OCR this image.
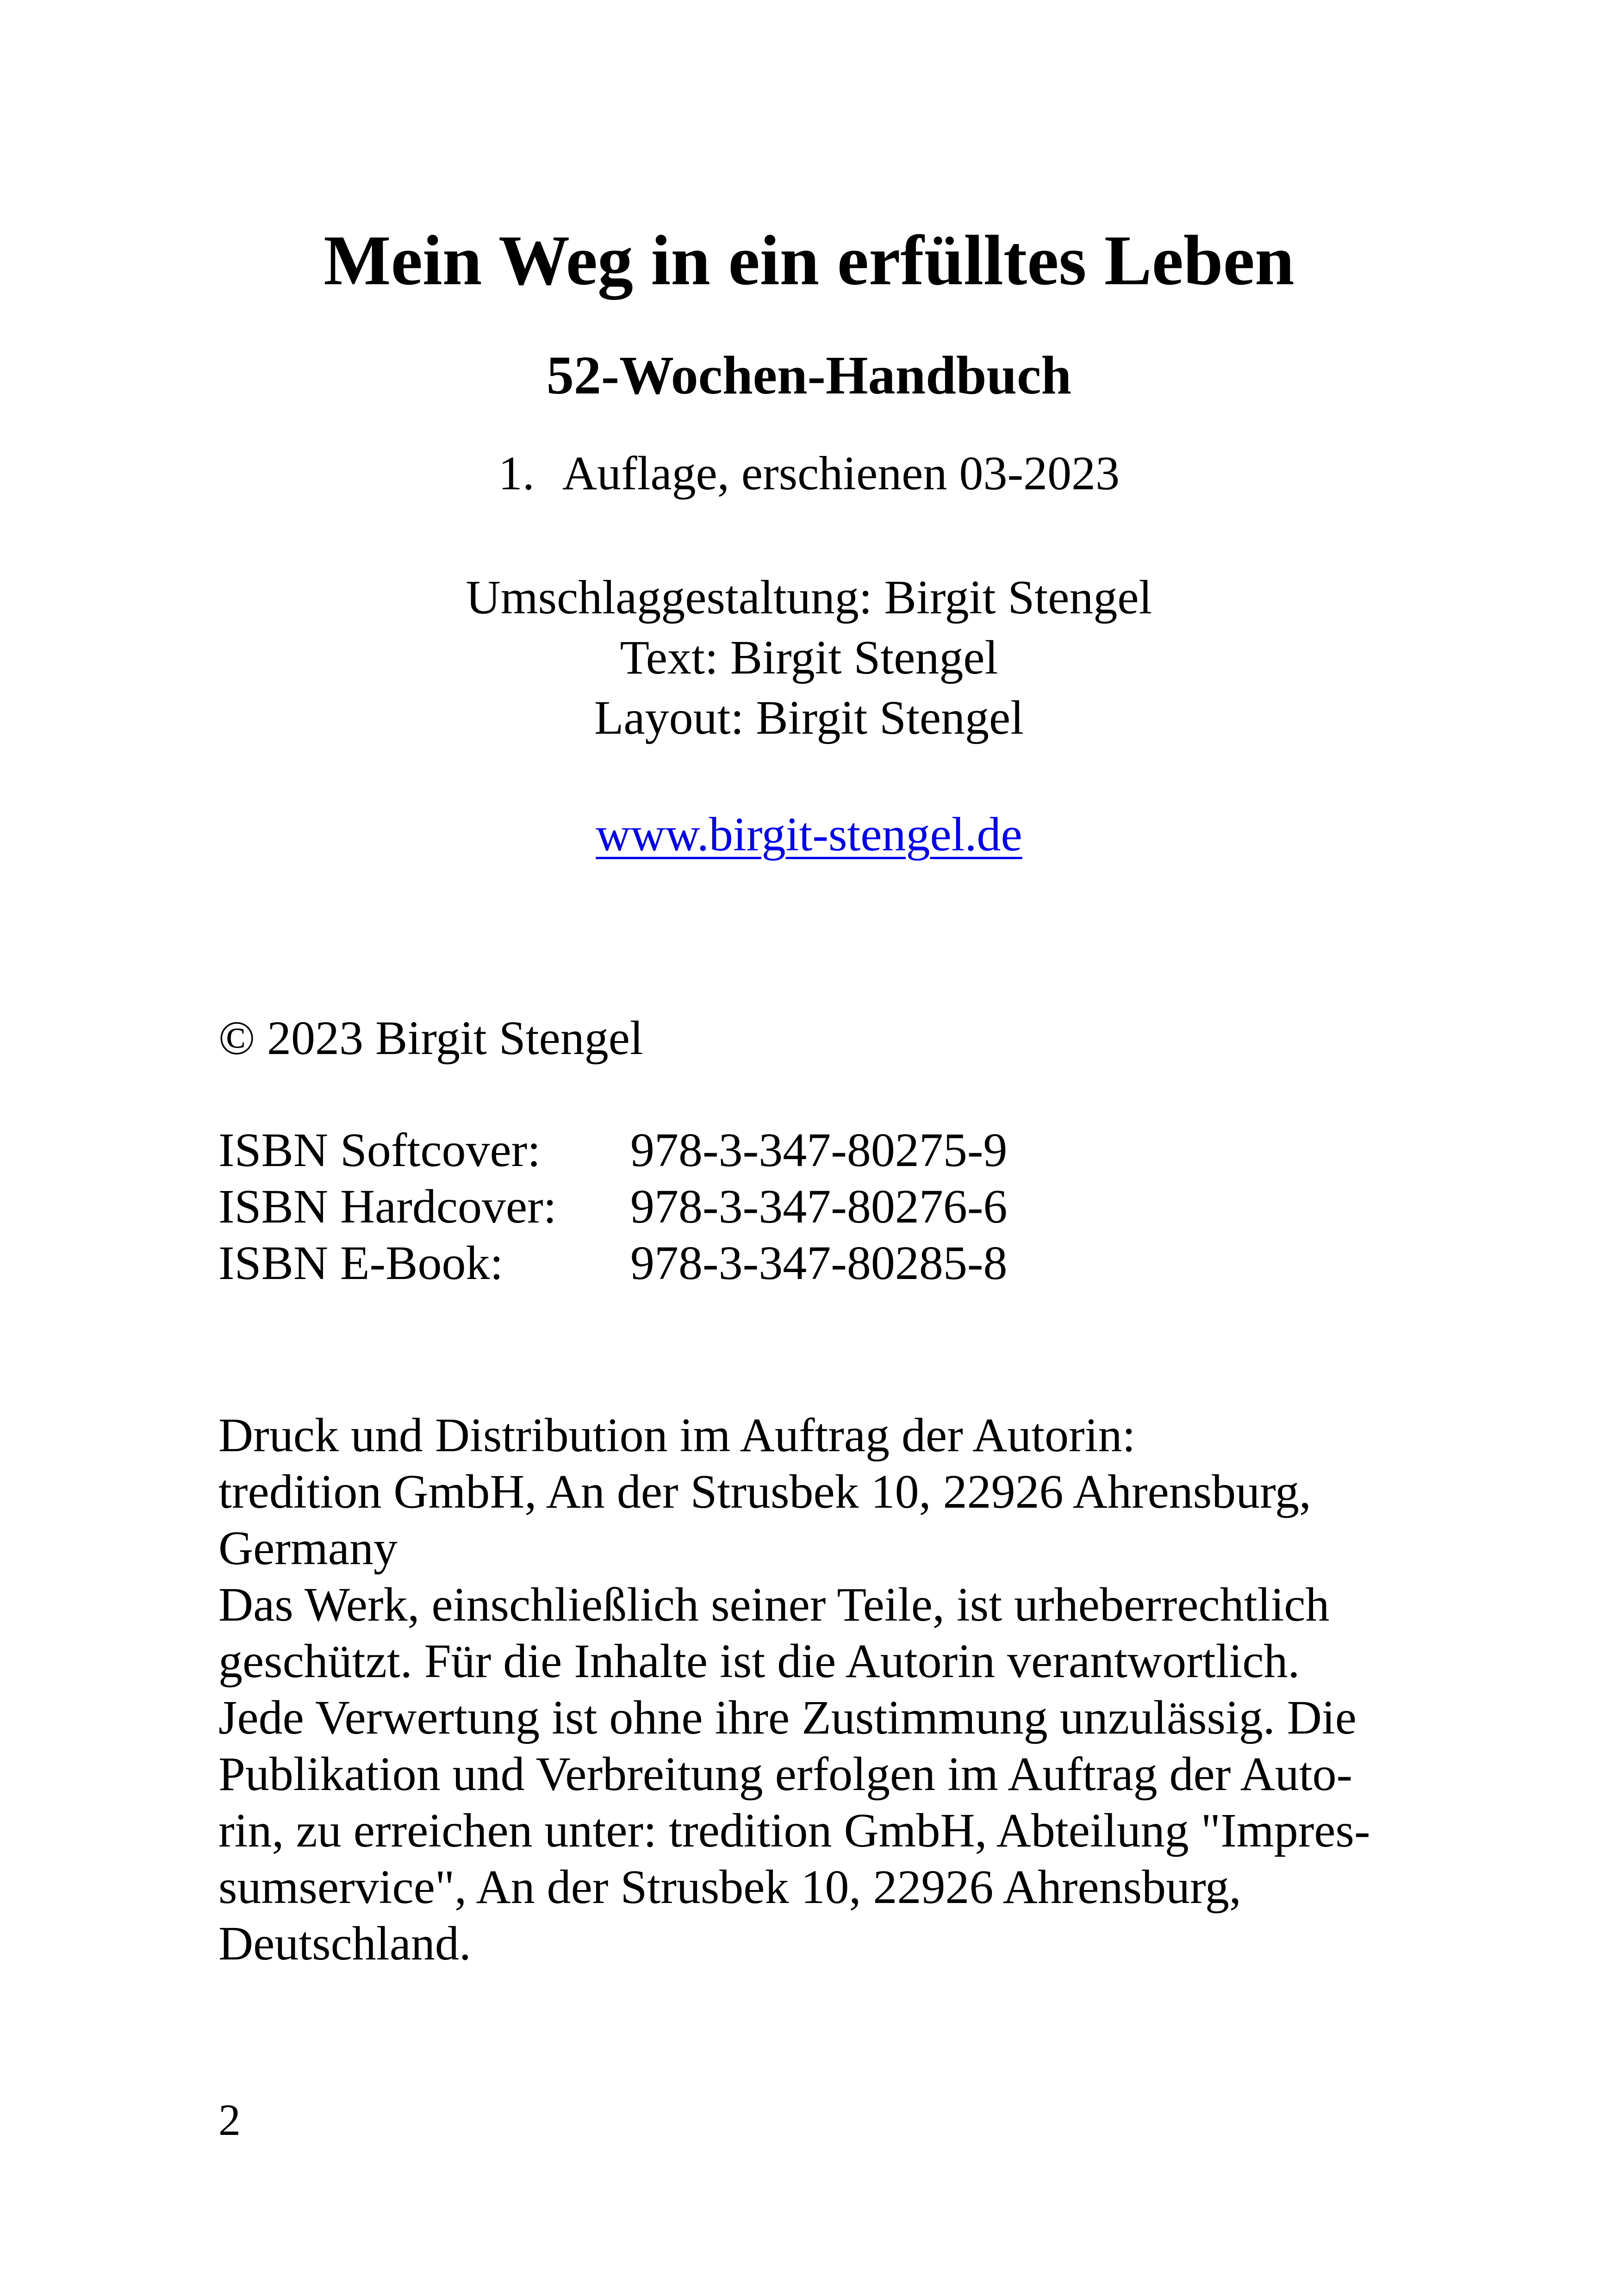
Mein Weg in ein erfülltes Leben
52-Wochen-Handbuch
1. Auflage, erschienen 03-2023
Umschlaggestaltung: Birgit Stengel
Text: Birgit Stengel
Layout: Birgit Stengel
www.birgit-stengel.de
© 2023 Birgit Stengel
ISBN Softcover:	978-3-347-80275-9
ISBN Hardcover:	978-3-347-80276-6
ISBN E-Book:	978-3-347-80285-8
Druck und Distribution im Auftrag der Autorin:
tredition GmbH, An der Strusbek 10, 22926 Ahrensburg,
Germany
Das Werk, einschließlich seiner Teile, ist urheberrechtlich
geschützt. Für die Inhalte ist die Autorin verantwortlich.
Jede Verwertung ist ohne ihre Zustimmung unzulässig. Die
Publikation und Verbreitung erfolgen im Auftrag der Auto-
rin, zu erreichen unter: tredition GmbH, Abteilung "Impres-
sumservice", An der Strusbek 10, 22926 Ahrensburg,
Deutschland.
2
